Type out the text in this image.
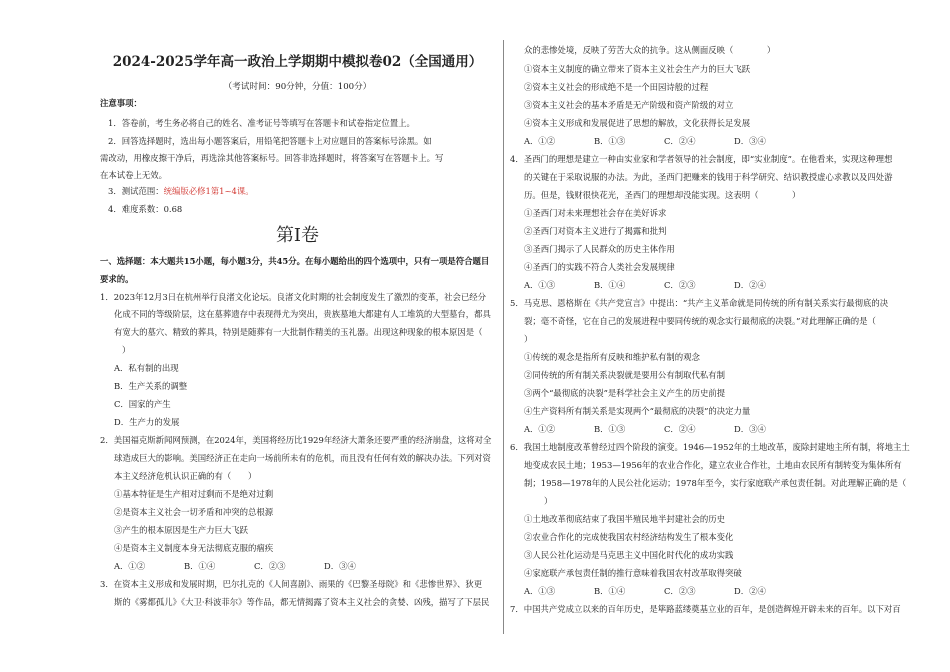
2024-2025学年高一政治上学期期中模拟卷02（全国通用）
（考试时间：90分钟，分值：100分）
注意事项：
1．答卷前，考生务必将自己的姓名、准考证号等填写在答题卡和试卷指定位置上。
2．回答选择题时，选出每小题答案后，用铅笔把答题卡上对应题目的答案标号涂黑。如
需改动，用橡皮擦干净后，再选涂其他答案标号。回答非选择题时，将答案写在答题卡上。写
在本试卷上无效。
3．测试范围：统编版必修1第1~4课。
4．难度系数：0.68
第Ⅰ卷
一、选择题：本大题共15小题，每小题3分，共45分。在每小题给出的四个选项中，只有一项是符合题目
要求的。
1．2023年12月3日在杭州举行良渚文化论坛。良渚文化时期的社会制度发生了激烈的变革，社会已经分
化成不同的等级阶层，这在墓葬遗存中表现得尤为突出，贵族墓地大都建有人工堆筑的大型墓台，都具
有宽大的墓穴、精致的葬具，特别是随葬有一大批制作精美的玉礼器。出现这种现象的根本原因是（
）
A．私有制的出现
B．生产关系的调整
C．国家的产生
D．生产力的发展
2．美国福克斯新闻网预测，在2024年，美国将经历比1929年经济大萧条还要严重的经济崩盘，这将对全
球造成巨大的影响。美国经济正在走向一场前所未有的危机，而且没有任何有效的解决办法。下列对资
本主义经济危机认识正确的有（　　）
①基本特征是生产相对过剩而不是绝对过剩
②是资本主义社会一切矛盾和冲突的总根源
③产生的根本原因是生产力巨大飞跃
④是资本主义制度本身无法彻底克服的痼疾
A．①②	B．①④	C．②③	D．③④
3．在资本主义形成和发展时期，巴尔扎克的《人间喜剧》、雨果的《巴黎圣母院》和《悲惨世界》、狄更
斯的《雾都孤儿》《大卫·科波菲尔》等作品，都无情揭露了资本主义社会的贪婪、凶残，描写了下层民
众的悲惨处境，反映了劳苦大众的抗争。这从侧面反映（　　　　）
①资本主义制度的确立带来了资本主义社会生产力的巨大飞跃
②资本主义社会的形成绝不是一个田园诗般的过程
③资本主义社会的基本矛盾是无产阶级和资产阶级的对立
④资本主义形成和发展促进了思想的解放，文化获得长足发展
A．①②	B．①③	C．②④	D．③④
4．圣西门的理想是建立一种由实业家和学者领导的社会制度，即“实业制度”。在他看来，实现这种理想
的关键在于采取说服的办法。为此，圣西门把赚来的钱用于科学研究、结识教授虚心求教以及四处游
历。但是，钱财很快花光，圣西门的理想却没能实现。这表明（　　　　）
①圣西门对未来理想社会存在美好诉求
②圣西门对资本主义进行了揭露和批判
③圣西门揭示了人民群众的历史主体作用
④圣西门的实践不符合人类社会发展规律
A．①③	B．①④	C．②③	D．②④
5．马克思、恩格斯在《共产党宣言》中提出：“共产主义革命就是同传统的所有制关系实行最彻底的决
裂；毫不奇怪，它在自己的发展进程中要同传统的观念实行最彻底的决裂。”对此理解正确的是（
）
①传统的观念是指所有反映和维护私有制的观念
②同传统的所有制关系决裂就是要用公有制取代私有制
③两个“最彻底的决裂”是科学社会主义产生的历史前提
④生产资料所有制关系是实现两个“最彻底的决裂”的决定力量
A．①②	B．①③	C．②④	D．③④
6．我国土地制度改革曾经过四个阶段的演变。1946—1952年的土地改革，废除封建地主所有制，将地主土
地变成农民土地；1953—1956年的农业合作化，建立农业合作社，土地由农民所有制转变为集体所有
制；1958—1978年的人民公社化运动；1978年至今，实行家庭联产承包责任制。对此理解正确的是（
）
①土地改革彻底结束了我国半殖民地半封建社会的历史
②农业合作化的完成使我国农村经济结构发生了根本变化
③人民公社化运动是马克思主义中国化时代化的成功实践
④家庭联产承包责任制的推行意味着我国农村改革取得突破
A．①③	B．①④	C．②③	D．②④
7．中国共产党成立以来的百年历史，是筚路蓝缕奠基立业的百年，是创造辉煌开辟未来的百年。以下对百
